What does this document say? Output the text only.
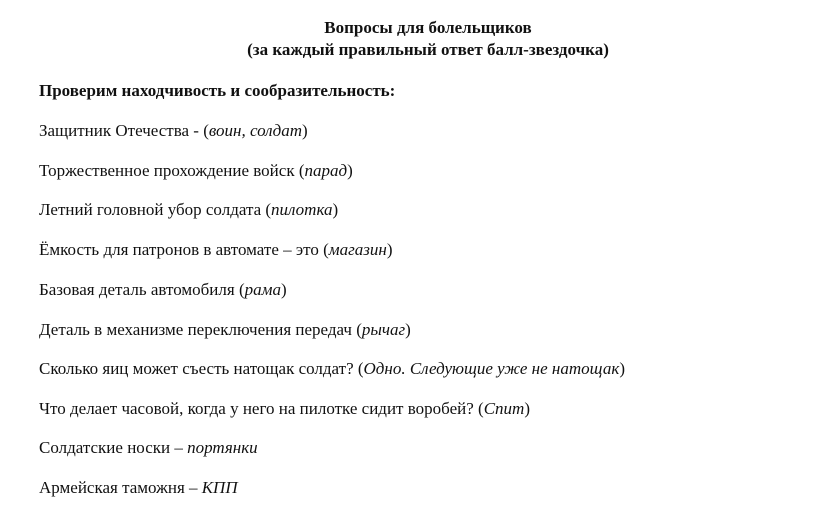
Вопросы для болельщиков
(за каждый правильный ответ балл-звездочка)
Проверим находчивость и сообразительность:
Защитник Отечества - (воин, солдат)
Торжественное прохождение войск (парад)
Летний головной убор солдата (пилотка)
Ёмкость для патронов в автомате – это (магазин)
Базовая деталь автомобиля (рама)
Деталь в механизме переключения передач (рычаг)
Сколько яиц может съесть натощак солдат? (Одно. Следующие уже не натощак)
Что делает часовой, когда у него на пилотке сидит воробей? (Спит)
Солдатские носки – портянки
Армейская таможня – КПП
